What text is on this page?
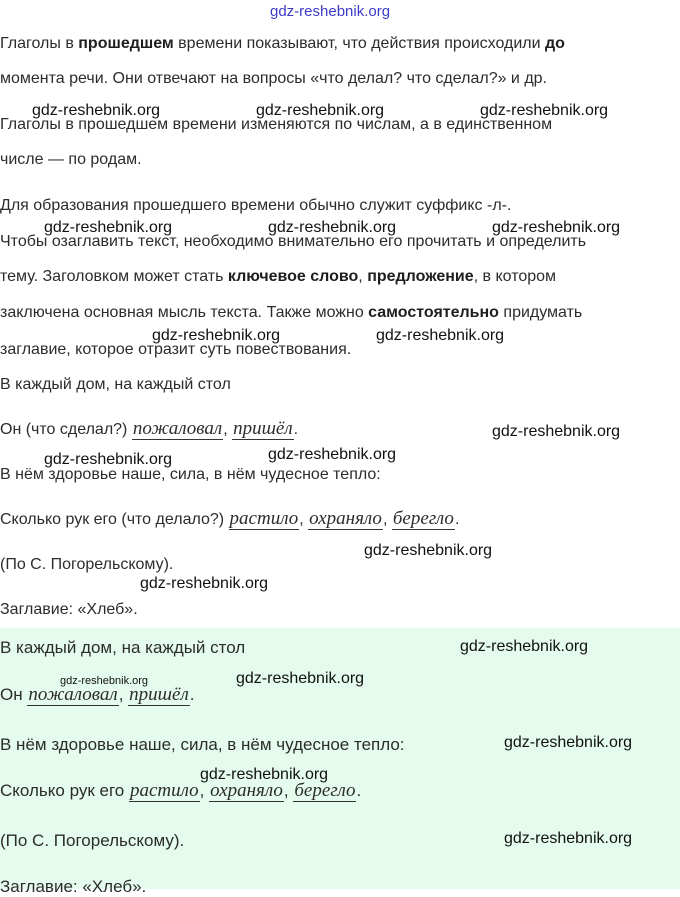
gdz-reshebnik.org
Глаголы в прошедшем времени показывают, что действия происходили до
момента речи. Они отвечают на вопросы «что делал? что сделал?» и др.
Глаголы в прошедшем времени изменяются по числам, а в единственном
числе — по родам.
Для образования прошедшего времени обычно служит суффикс -л-.
Чтобы озаглавить текст, необходимо внимательно его прочитать и определить
тему. Заголовком может стать ключевое слово, предложение, в котором
заключена основная мысль текста. Также можно самостоятельно придумать
заглавие, которое отразит суть повествования.
В каждый дом, на каждый стол
Он (что сделал?) пожаловал, пришёл.
В нём здоровье наше, сила, в нём чудесное тепло:
Сколько рук его (что делало?) растило, охраняло, берегло.
(По С. Погорельскому).
Заглавие: «Хлеб».
В каждый дом, на каждый стол
Он пожаловал, пришёл.
В нём здоровье наше, сила, в нём чудесное тепло:
Сколько рук его растило, охраняло, берегло.
(По С. Погорельскому).
Заглавие: «Хлеб».
gdz-reshebnik.org	gdz-reshebnik.org	gdz-reshebnik.org
gdz-reshebnik.org	gdz-reshebnik.org	gdz-reshebnik.org
gdz-reshebnik.org	gdz-reshebnik.org
gdz-reshebnik.org
gdz-reshebnik.org
gdz-reshebnik.org
gdz-reshebnik.org
gdz-reshebnik.org
gdz-reshebnik.org
gdz-reshebnik.org	gdz-reshebnik.org
gdz-reshebnik.org
gdz-reshebnik.org
gdz-reshebnik.org
